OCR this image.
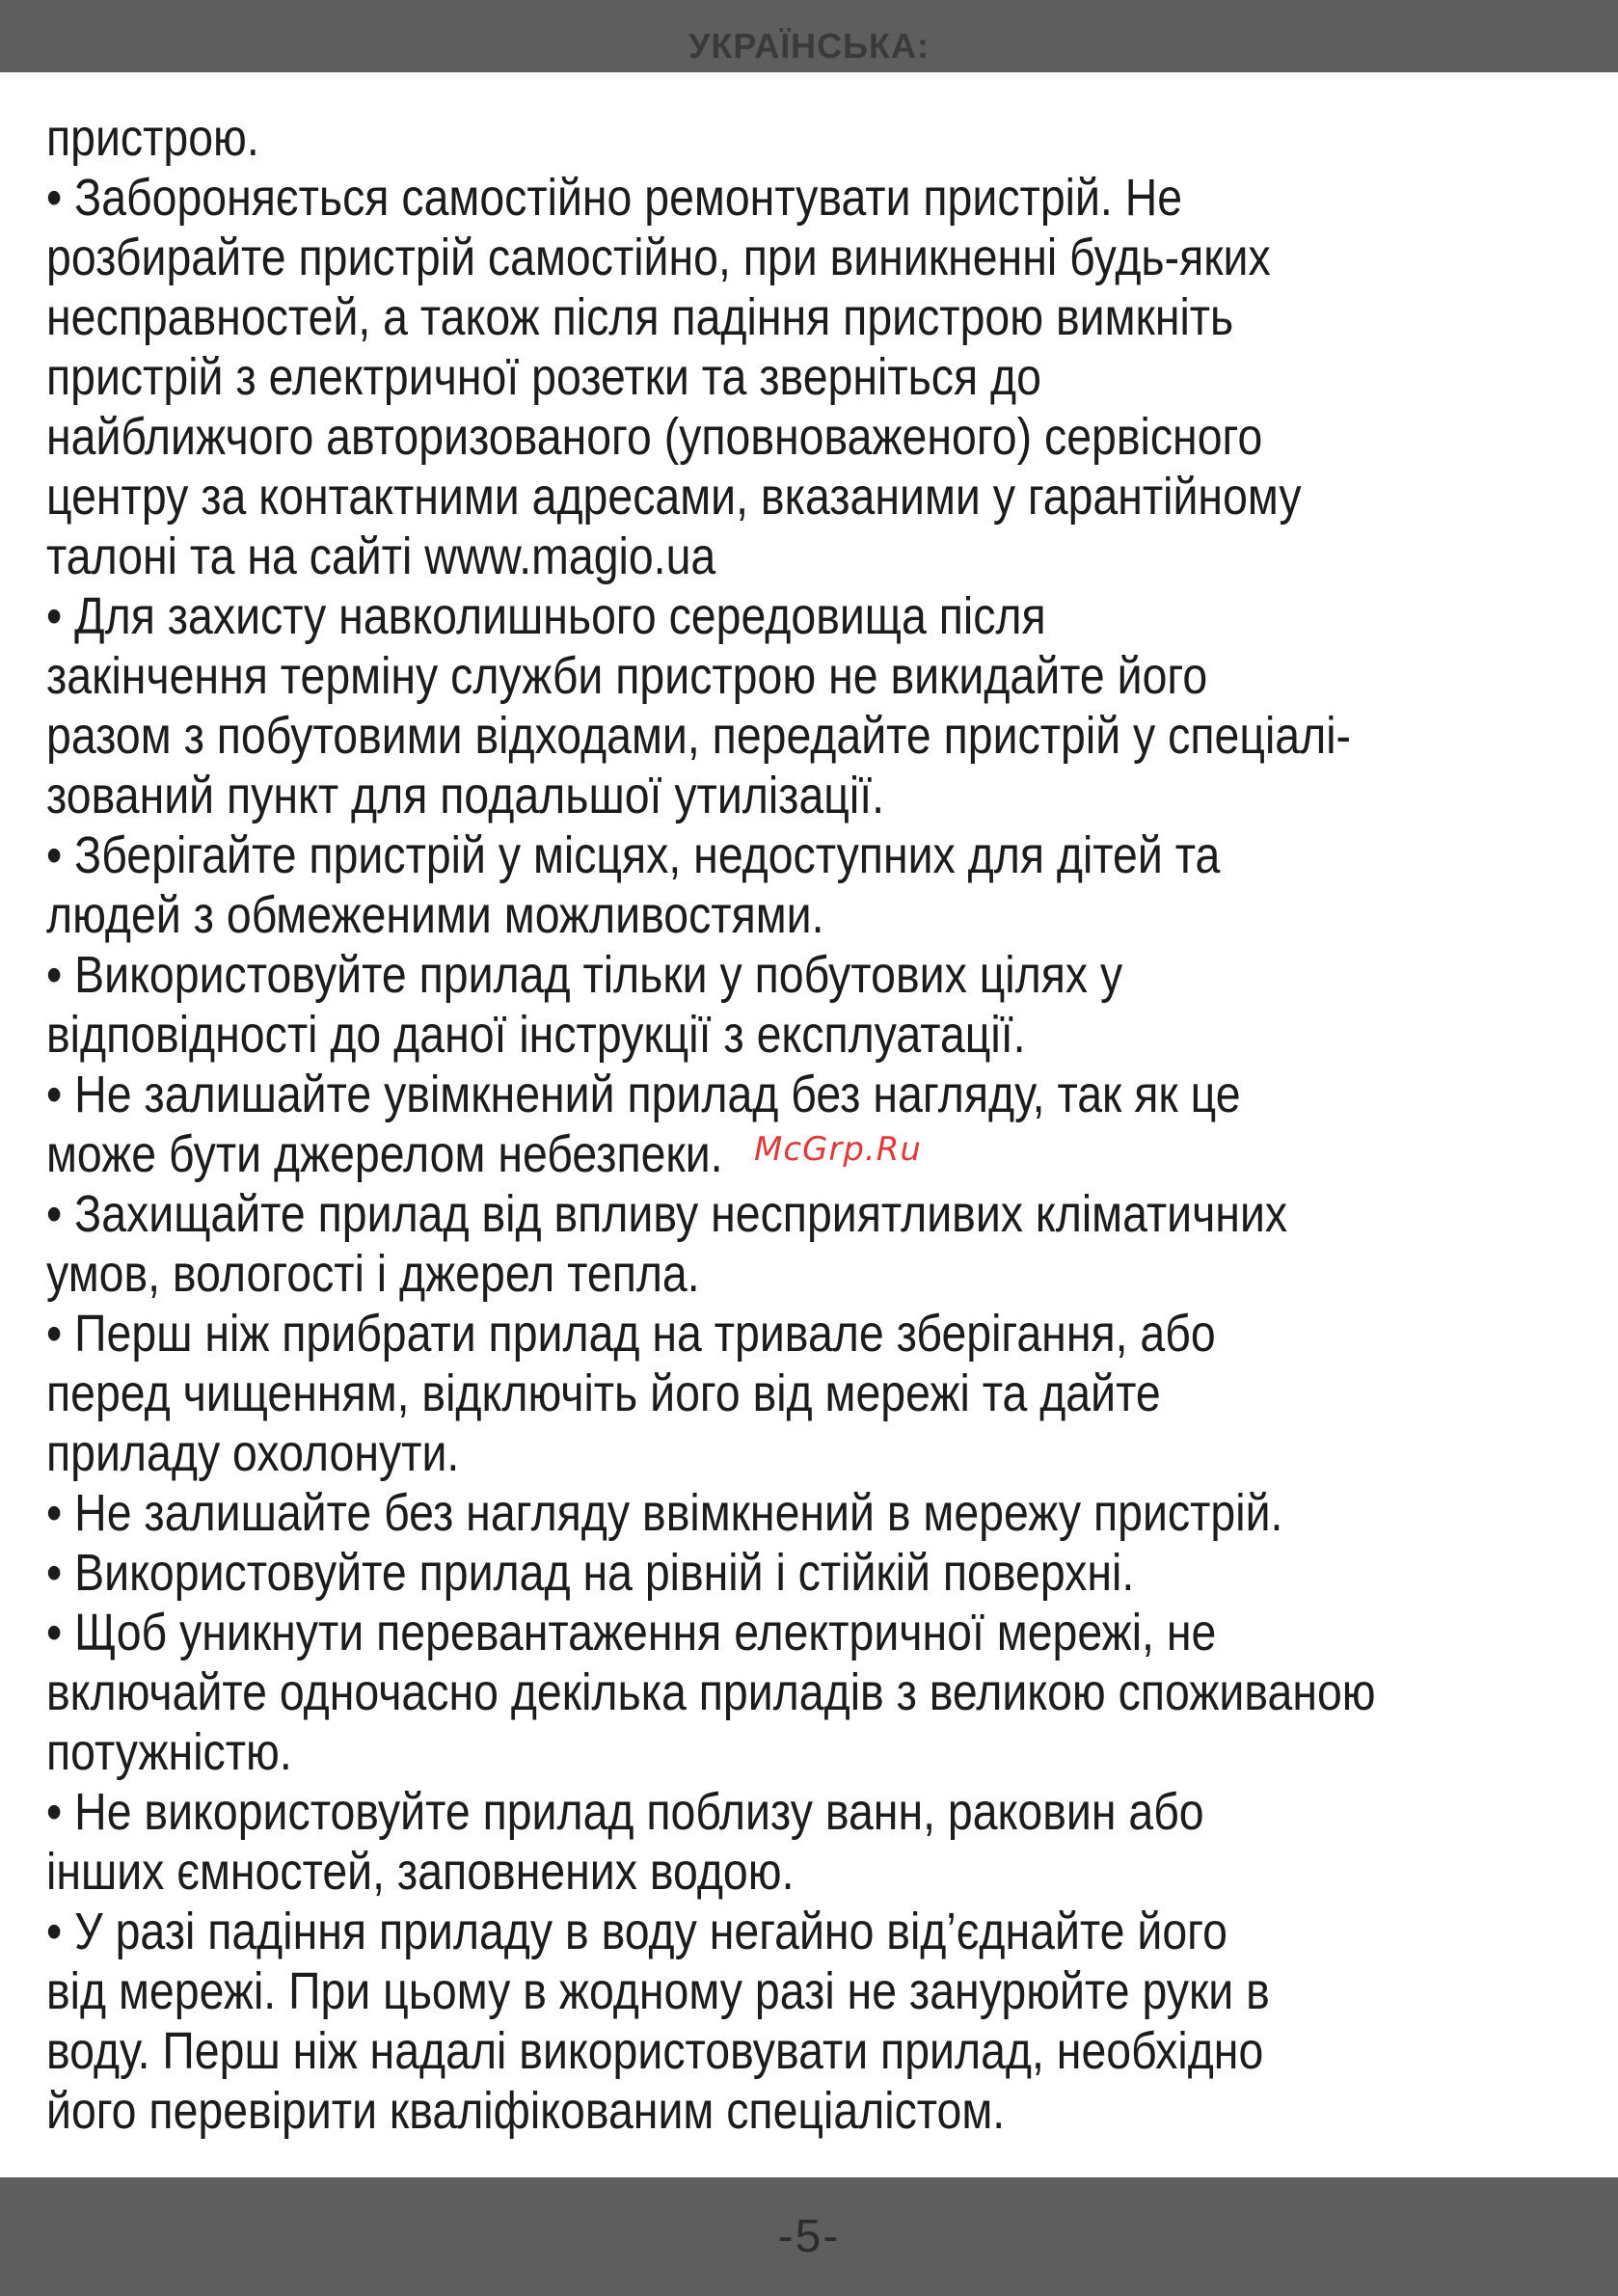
УКРАЇНСЬКА:
пристрою.
• Забороняється самостійно ремонтувати пристрій. Не
розбирайте пристрій самостійно, при виникненні будь-яких
несправностей, а також після падіння пристрою вимкніть
пристрій з електричної розетки та зверніться до
найближчого авторизованого (уповноваженого) сервісного
центру за контактними адресами, вказаними у гарантійному
талоні та на сайті www.magio.ua
• Для захисту навколишнього середовища після
закінчення терміну служби пристрою не викидайте його
разом з побутовими відходами, передайте пристрій у спеціалі-
зований пункт для подальшої утилізації.
• Зберігайте пристрій у місцях, недоступних для дітей та
людей з обмеженими можливостями.
• Використовуйте прилад тільки у побутових цілях у
відповідності до даної інструкції з експлуатації.
• Не залишайте увімкнений прилад без нагляду, так як це
може бути джерелом небезпеки.
• Захищайте прилад від впливу несприятливих кліматичних
умов, вологості і джерел тепла.
• Перш ніж прибрати прилад на тривале зберігання, або
перед чищенням, відключіть його від мережі та дайте
приладу охолонути.
• Не залишайте без нагляду ввімкнений в мережу пристрій.
• Використовуйте прилад на рівній і стійкій поверхні.
• Щоб уникнути перевантаження електричної мережі, не
включайте одночасно декілька приладів з великою споживаною
потужністю.
• Не використовуйте прилад поблизу ванн, раковин або
інших ємностей, заповнених водою.
• У разі падіння приладу в воду негайно від’єднайте його
від мережі. При цьому в жодному разі не занурюйте руки в
воду. Перш ніж надалі використовувати прилад, необхідно
його перевірити кваліфікованим спеціалістом.
McGrp.Ru
-5-
